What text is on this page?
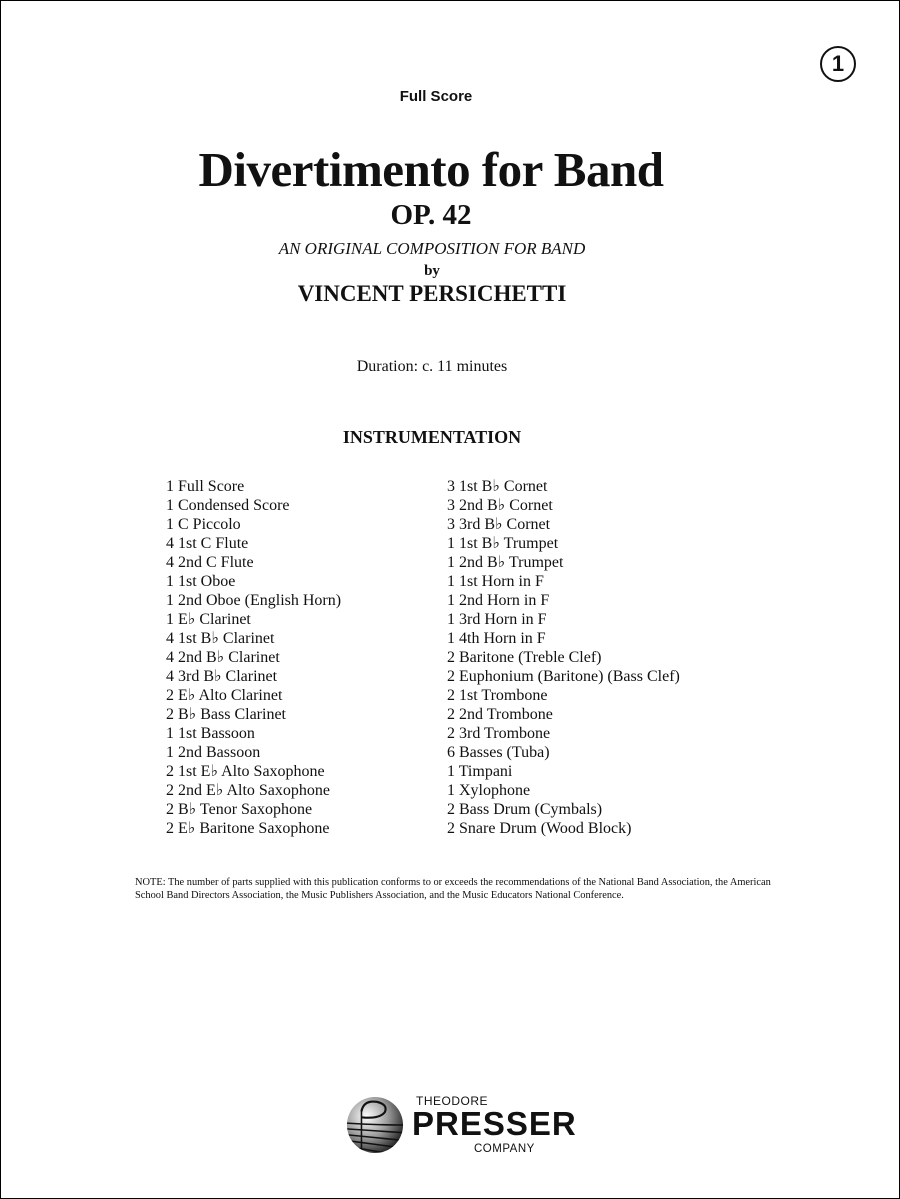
1
Full Score
Divertimento for Band
OP. 42
AN ORIGINAL COMPOSITION FOR BAND
by
VINCENT PERSICHETTI
Duration: c. 11 minutes
INSTRUMENTATION
1 Full Score
1 Condensed Score
1 C Piccolo
4 1st C Flute
4 2nd C Flute
1 1st Oboe
1 2nd Oboe (English Horn)
1 E♭ Clarinet
4 1st B♭ Clarinet
4 2nd B♭ Clarinet
4 3rd B♭ Clarinet
2 E♭ Alto Clarinet
2 B♭ Bass Clarinet
1 1st Bassoon
1 2nd Bassoon
2 1st E♭ Alto Saxophone
2 2nd E♭ Alto Saxophone
2 B♭ Tenor Saxophone
2 E♭ Baritone Saxophone
3 1st B♭ Cornet
3 2nd B♭ Cornet
3 3rd B♭ Cornet
1 1st B♭ Trumpet
1 2nd B♭ Trumpet
1 1st Horn in F
1 2nd Horn in F
1 3rd Horn in F
1 4th Horn in F
2 Baritone (Treble Clef)
2 Euphonium (Baritone) (Bass Clef)
2 1st Trombone
2 2nd Trombone
2 3rd Trombone
6 Basses (Tuba)
1 Timpani
1 Xylophone
2 Bass Drum (Cymbals)
2 Snare Drum (Wood Block)
NOTE: The number of parts supplied with this publication conforms to or exceeds the recommendations of the National Band Association, the American School Band Directors Association, the Music Publishers Association, and the Music Educators National Conference.
THEODORE
PRESSER
COMPANY
